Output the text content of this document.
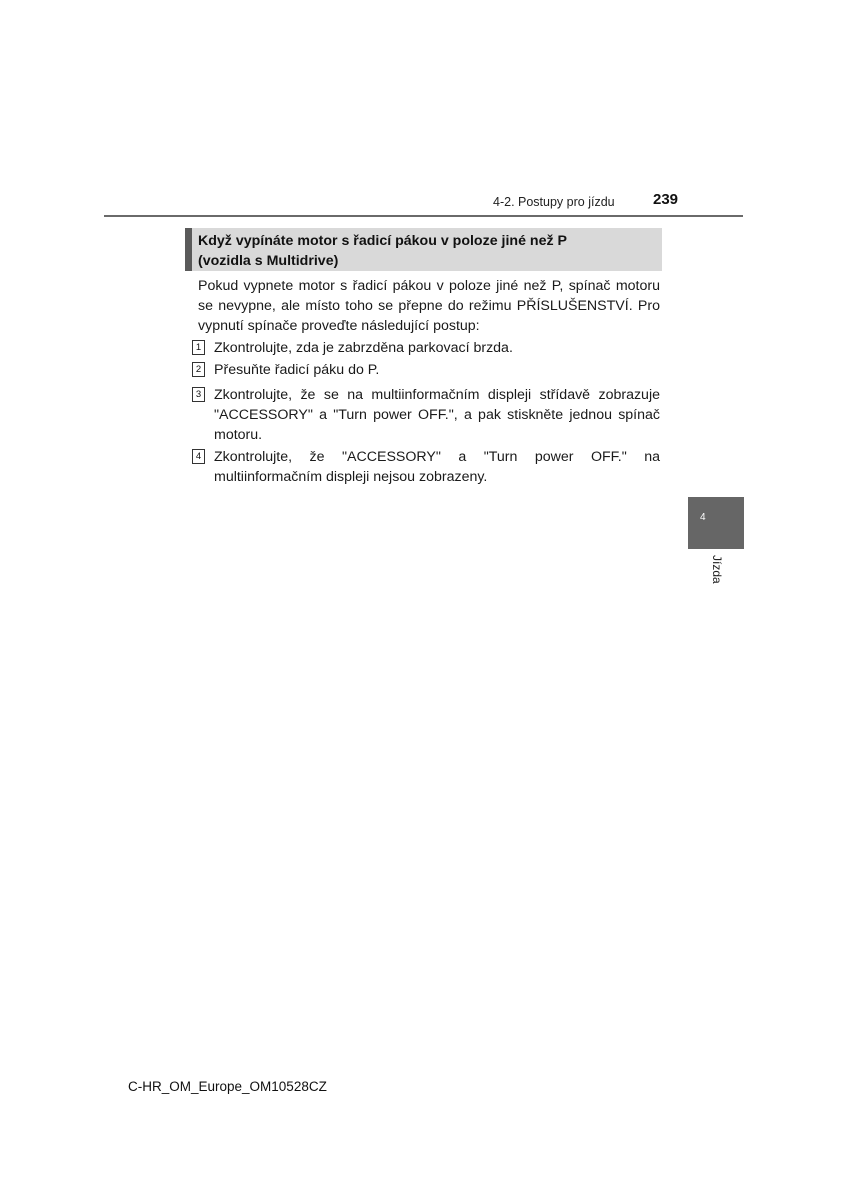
4-2. Postupy pro jízdu	239

Když vypínáte motor s řadicí pákou v poloze jiné než P

(vozidla s Multidrive)

Pokud vypnete motor s řadicí pákou v poloze jiné než P, spínač motoru se nevypne, ale místo toho se přepne do režimu PŘÍSLUŠENSTVÍ. Pro vypnutí spínače proveďte následující postup:

1 Zkontrolujte, zda je zabrzděna parkovací brzda.

2 Přesuňte řadicí páku do P.

3 Zkontrolujte, že se na multiinformačním displeji střídavě zobrazuje "ACCESSORY" a "Turn power OFF.", a pak stiskněte jednou spínač motoru.

4 Zkontrolujte, že "ACCESSORY" a "Turn power OFF." na multiinformačním displeji nejsou zobrazeny.

4
Jízda
C-HR_OM_Europe_OM10528CZ
